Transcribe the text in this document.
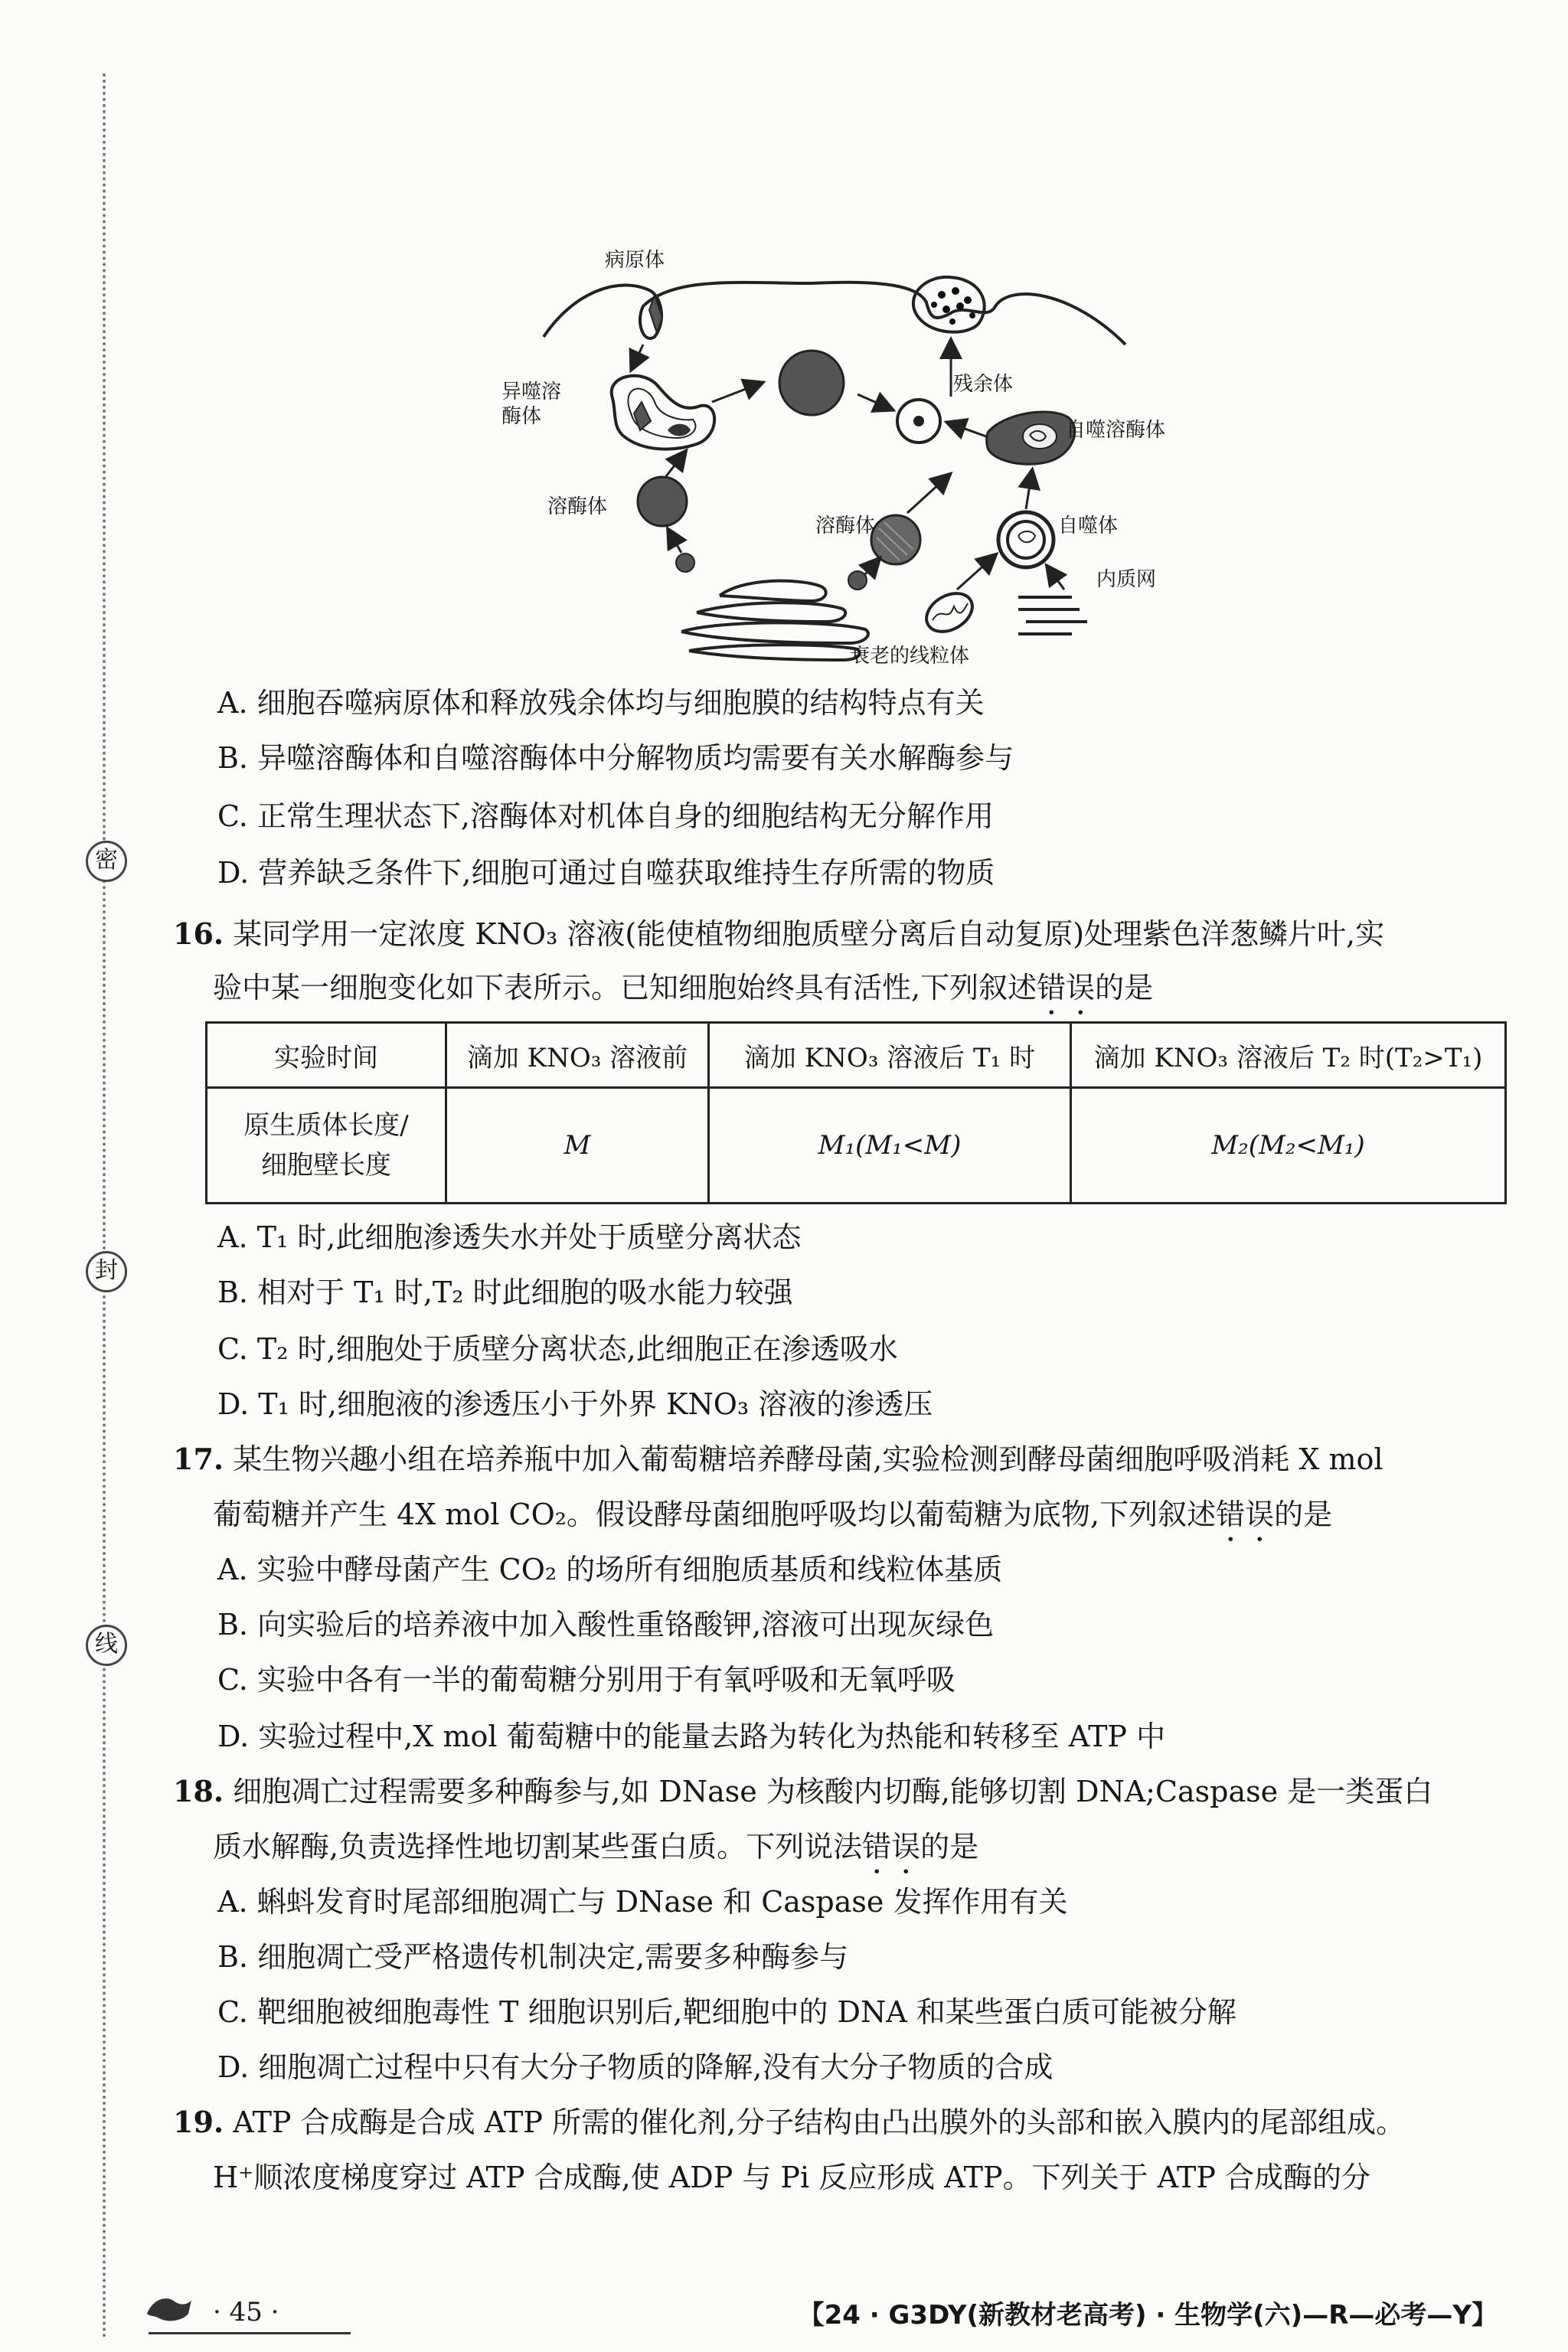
密
封
线
病原体
异噬溶
酶体
溶酶体
残余体
自噬溶酶体
溶酶体	自噬体
内质网
衰老的线粒体
A. 细胞吞噬病原体和释放残余体均与细胞膜的结构特点有关
B. 异噬溶酶体和自噬溶酶体中分解物质均需要有关水解酶参与
C. 正常生理状态下,溶酶体对机体自身的细胞结构无分解作用
D. 营养缺乏条件下,细胞可通过自噬获取维持生存所需的物质
16. 某同学用一定浓度 KNO₃ 溶液(能使植物细胞质壁分离后自动复原)处理紫色洋葱鳞片叶,实
验中某一细胞变化如下表所示。已知细胞始终具有活性,下列叙述错误的是
实验时间	滴加 KNO₃ 溶液前	滴加 KNO₃ 溶液后 T₁ 时	滴加 KNO₃ 溶液后 T₂ 时(T₂>T₁)
原生质体长度/
细胞壁长度	M	M₁(M₁<M)	M₂(M₂<M₁)
A. T₁ 时,此细胞渗透失水并处于质壁分离状态
B. 相对于 T₁ 时,T₂ 时此细胞的吸水能力较强
C. T₂ 时,细胞处于质壁分离状态,此细胞正在渗透吸水
D. T₁ 时,细胞液的渗透压小于外界 KNO₃ 溶液的渗透压
17. 某生物兴趣小组在培养瓶中加入葡萄糖培养酵母菌,实验检测到酵母菌细胞呼吸消耗 X mol
葡萄糖并产生 4X mol CO₂。假设酵母菌细胞呼吸均以葡萄糖为底物,下列叙述错误的是
A. 实验中酵母菌产生 CO₂ 的场所有细胞质基质和线粒体基质
B. 向实验后的培养液中加入酸性重铬酸钾,溶液可出现灰绿色
C. 实验中各有一半的葡萄糖分别用于有氧呼吸和无氧呼吸
D. 实验过程中,X mol 葡萄糖中的能量去路为转化为热能和转移至 ATP 中
18. 细胞凋亡过程需要多种酶参与,如 DNase 为核酸内切酶,能够切割 DNA;Caspase 是一类蛋白
质水解酶,负责选择性地切割某些蛋白质。下列说法错误的是
A. 蝌蚪发育时尾部细胞凋亡与 DNase 和 Caspase 发挥作用有关
B. 细胞凋亡受严格遗传机制决定,需要多种酶参与
C. 靶细胞被细胞毒性 T 细胞识别后,靶细胞中的 DNA 和某些蛋白质可能被分解
D. 细胞凋亡过程中只有大分子物质的降解,没有大分子物质的合成
19. ATP 合成酶是合成 ATP 所需的催化剂,分子结构由凸出膜外的头部和嵌入膜内的尾部组成。
H⁺顺浓度梯度穿过 ATP 合成酶,使 ADP 与 Pi 反应形成 ATP。下列关于 ATP 合成酶的分
· 45 ·	【24 · G3DY(新教材老高考) · 生物学(六)—R—必考—Y】
